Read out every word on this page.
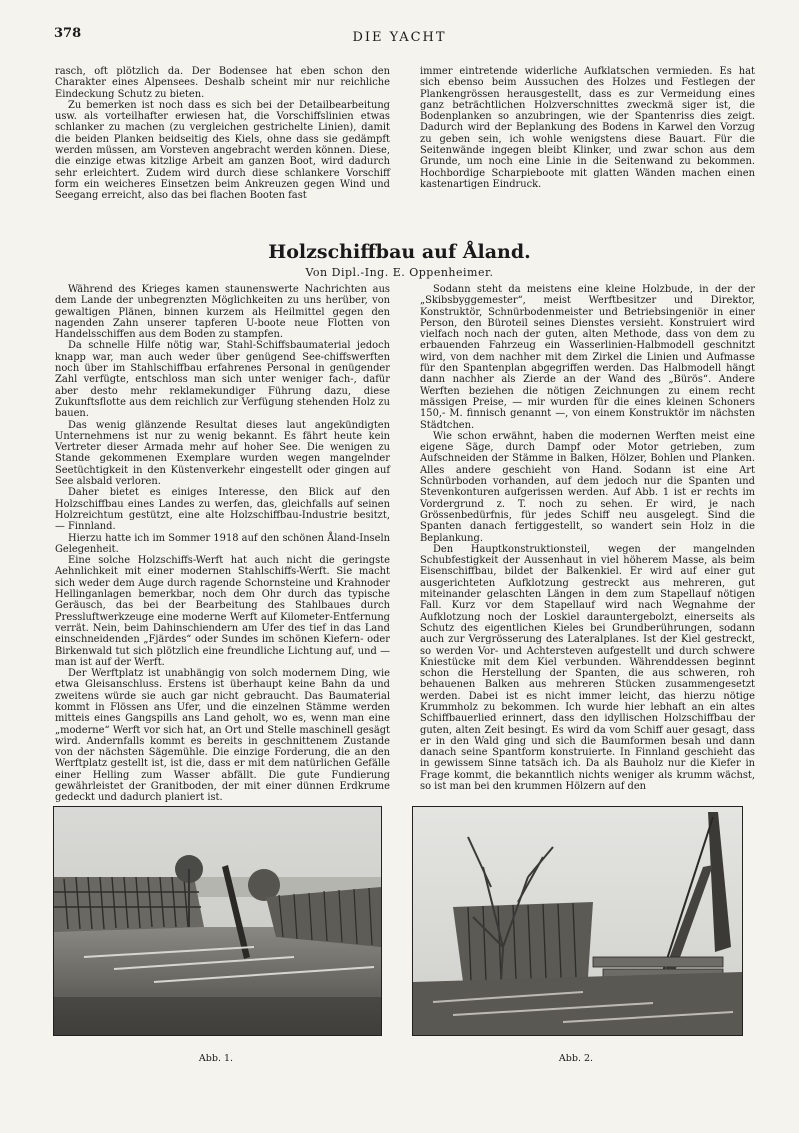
378	DIE YACHT

rasch, oft plötzlich da. Der Bodensee hat eben schon den Charakter eines Alpensees. Deshalb scheint mir nur reichliche Eindeckung Schutz zu bieten.

Zu bemerken ist noch dass es sich bei der Detailbearbeitung usw. als vorteilhafter erwiesen hat, die Vorschiffslinien etwas schlanker zu machen (zu vergleichen gestrichelte Linien), damit die beiden Planken beidseitig des Kiels, ohne dass sie gedämpft werden müssen, am Vorsteven angebracht werden können. Diese, die einzige etwas kitzlige Arbeit am ganzen Boot, wird dadurch sehr erleichtert. Zudem wird durch diese schlankere Vorschiff form ein weicheres Einsetzen beim Ankreuzen gegen Wind und Seegang erreicht, also das bei flachen Booten fast

immer eintretende widerliche Aufklatschen vermieden. Es hat sich ebenso beim Aussuchen des Holzes und Festlegen der Plankengrössen herausgestellt, dass es zur Vermeidung eines ganz beträchtlichen Holzverschnittes zweckmä siger ist, die Bodenplanken so anzubringen, wie der Spantenriss dies zeigt. Dadurch wird der Beplankung des Bodens in Karwel den Vorzug zu geben sein, ich wohle wenigstens diese Bauart. Für die Seitenwände ingegen bleibt Klinker, und zwar schon aus dem Grunde, um noch eine Linie in die Seitenwand zu bekommen. Hochbordige Scharpieboote mit glatten Wänden machen einen kastenartigen Eindruck.

Holzschiffbau auf Åland.
Von Dipl.-Ing. E. Oppenheimer.

Während des Krieges kamen staunenswerte Nachrichten aus dem Lande der unbegrenzten Möglichkeiten zu uns herüber, von gewaltigen Plänen, binnen kurzem als Heilmittel gegen den nagenden Zahn unserer tapferen U-boote neue Flotten von Handelsschiffen aus dem Boden zu stampfen.

Da schnelle Hilfe nötig war, Stahl-Schiffsbaumaterial jedoch knapp war, man auch weder über genügend See-chiffswerften noch über im Stahlschiffbau erfahrenes Personal in genügender Zahl verfügte, entschloss man sich unter weniger fach-, dafür aber desto mehr reklamekundiger Führung dazu, diese Zukunftsflotte aus dem reichlich zur Verfügung stehenden Holz zu bauen.

Das wenig glänzende Resultat dieses laut angekündigten Unternehmens ist nur zu wenig bekannt. Es fährt heute kein Vertreter dieser Armada mehr auf hoher See. Die wenigen zu Stande gekommenen Exemplare wurden wegen mangelnder Seetüchtigkeit in den Küstenverkehr eingestellt oder gingen auf See alsbald verloren.

Daher bietet es einiges Interesse, den Blick auf den Holzschiffbau eines Landes zu werfen, das, gleichfalls auf seinen Holzreichtum gestützt, eine alte Holzschiffbau-Industrie besitzt, — Finnland.

Hierzu hatte ich im Sommer 1918 auf den schönen Åland-Inseln Gelegenheit.

Eine solche Holzschiffs-Werft hat auch nicht die geringste Aehnlichkeit mit einer modernen Stahlschiffs-Werft. Sie macht sich weder dem Auge durch ragende Schornsteine und Krahnoder Hellinganlagen bemerkbar, noch dem Ohr durch das typische Geräusch, das bei der Bearbeitung des Stahlbaues durch Pressluftwerkzeuge eine moderne Werft auf Kilometer-Entfernung verrät. Nein, beim Dahinschiendern am Ufer des tief in das Land einschneidenden „Fjärdes“ oder Sundes im schönen Kiefern- oder Birkenwald tut sich plötzlich eine freundliche Lichtung auf, und — man ist auf der Werft.

Der Werftplatz ist unabhängig von solch modernem Ding, wie etwa Gleisanschluss. Erstens ist überhaupt keine Bahn da und zweitens würde sie auch gar nicht gebraucht. Das Baumaterial kommt in Flössen ans Ufer, und die einzelnen Stämme werden mitteis eines Gangspills ans Land geholt, wo es, wenn man eine „moderne“ Werft vor sich hat, an Ort und Stelle maschinell gesägt wird. Andernfalls kommt es bereits in geschnittenem Zustande von der nächsten Sägemühle. Die einzige Forderung, die an den Werftplatz gestellt ist, ist die, dass er mit dem natürlichen Gefälle einer Helling zum Wasser abfällt. Die gute Fundierung gewährleistet der Granitboden, der mit einer dünnen Erdkrume gedeckt und dadurch planiert ist.

Sodann steht da meistens eine kleine Holzbude, in der der „Skibsbyggemester“, meist Werftbesitzer und Direktor, Konstruktör, Schnürbodenmeister und Betriebsingeniör in einer Person, den Büroteil seines Dienstes versieht. Konstruiert wird vielfach noch nach der guten, alten Methode, dass von dem zu erbauenden Fahrzeug ein Wasserlinien-Halbmodell geschnitzt wird, von dem nachher mit dem Zirkel die Linien und Aufmasse für den Spantenplan abgegriffen werden. Das Halbmodell hängt dann nachher als Zierde an der Wand des „Bürös“. Andere Werften beziehen die nötigen Zeichnungen zu einem recht mässigen Preise, — mir wurden für die eines kleinen Schoners 150,- M. finnisch genannt —, von einem Konstruktör im nächsten Städtchen.

Wie schon erwähnt, haben die modernen Werften meist eine eigene Säge, durch Dampf oder Motor getrieben, zum Aufschneiden der Stämme in Balken, Hölzer, Bohlen und Planken. Alles andere geschieht von Hand. Sodann ist eine Art Schnürboden vorhanden, auf dem jedoch nur die Spanten und Stevenkonturen aufgerissen werden. Auf Abb. 1 ist er rechts im Vordergrund z. T. noch zu sehen. Er wird, je nach Grössenbedürfnis, für jedes Schiff neu ausgelegt. Sind die Spanten danach fertiggestellt, so wandert sein Holz in die Beplankung.

Den Hauptkonstruktionsteil, wegen der mangelnden Schubfestigkeit der Aussenhaut in viel höherem Masse, als beim Eisenschiffbau, bildet der Balkenkiel. Er wird auf einer gut ausgerichteten Aufklotzung gestreckt aus mehreren, gut miteinander gelaschten Längen in dem zum Stapellauf nötigen Fall. Kurz vor dem Stapellauf wird nach Wegnahme der Aufklotzung noch der Loskiel darauntergebolzt, einerseits als Schutz des eigentlichen Kieles bei Grundberührungen, sodann auch zur Vergrösserung des Lateralplanes. Ist der Kiel gestreckt, so werden Vor- und Achtersteven aufgestellt und durch schwere Kniestücke mit dem Kiel verbunden. Währenddessen beginnt schon die Herstellung der Spanten, die aus schweren, roh behauenen Balken aus mehreren Stücken zusammengesetzt werden. Dabei ist es nicht immer leicht, das hierzu nötige Krummholz zu bekommen. Ich wurde hier lebhaft an ein altes Schiffbauerlied erinnert, dass den idyllischen Holzschiffbau der guten, alten Zeit besingt. Es wird da vom Schiff auer gesagt, dass er in den Wald ging und sich die Baumformen besah und dann danach seine Spantform konstruierte. In Finnland geschieht das in gewissem Sinne tatsäch ich. Da als Bauholz nur die Kiefer in Frage kommt, die bekanntlich nichts weniger als krumm wächst, so ist man bei den krummen Hölzern auf den

Abb. 1.	Abb. 2.
